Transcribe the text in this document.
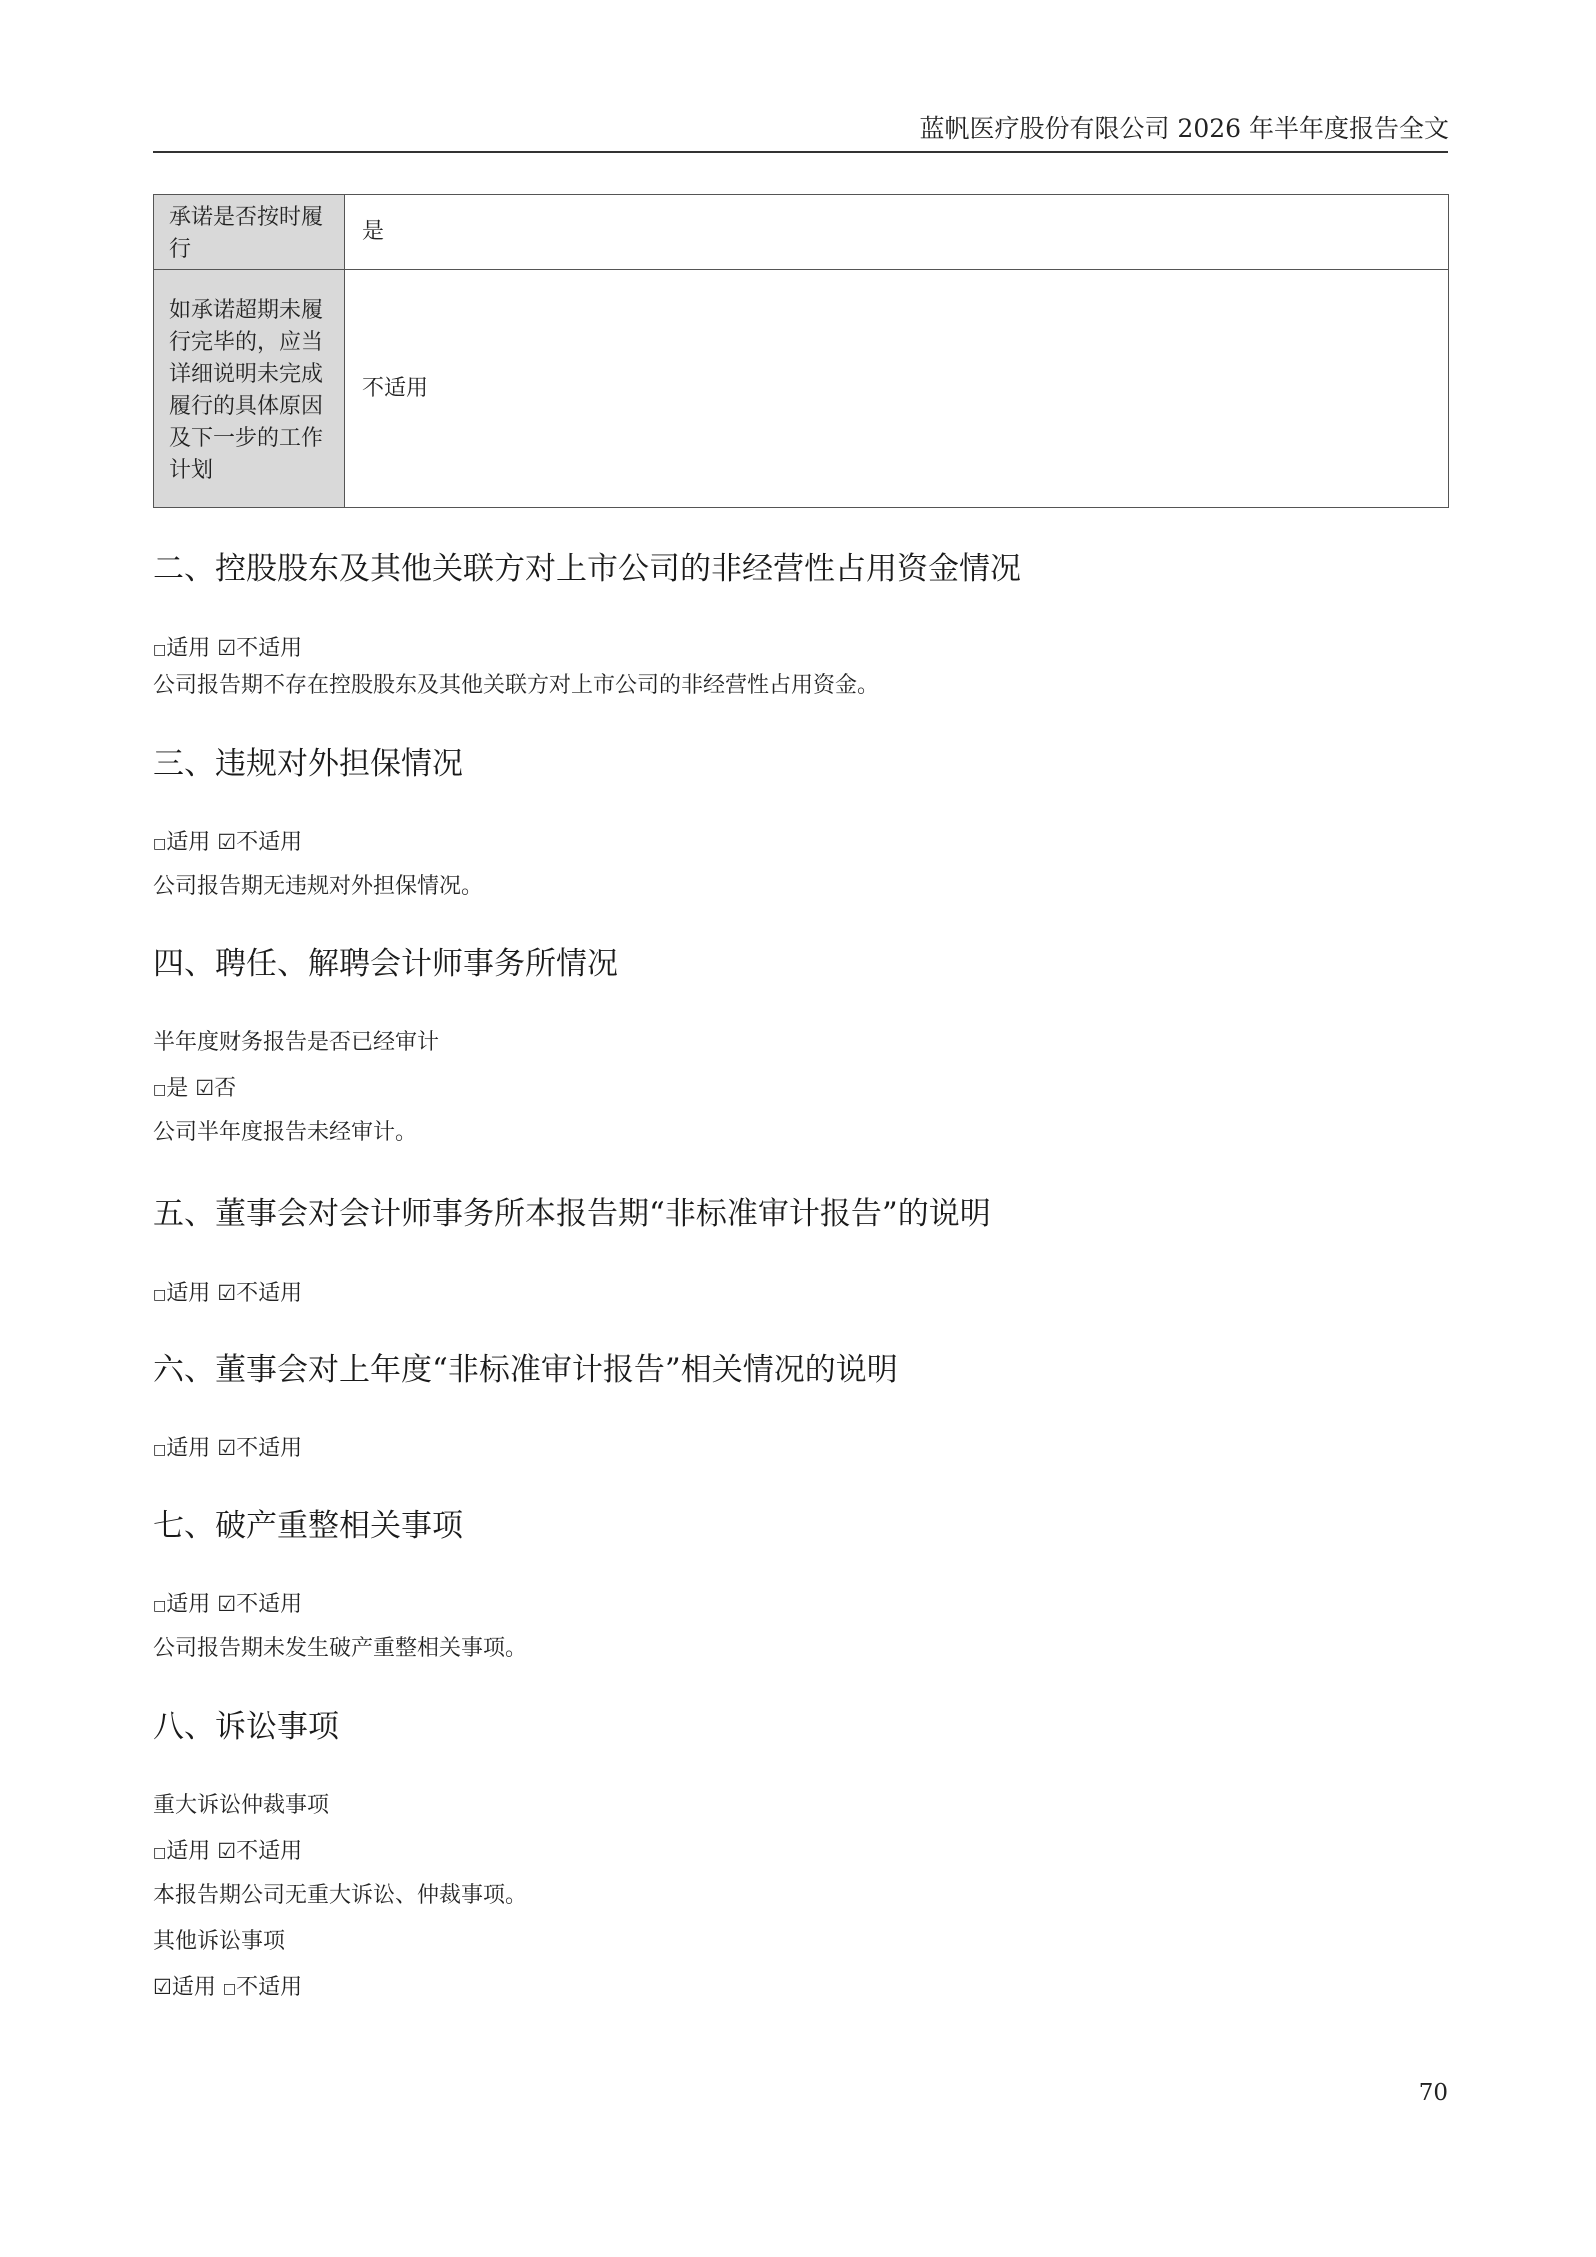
蓝帆医疗股份有限公司 2026 年半年度报告全文
承诺是否按时履行	是
如承诺超期未履行完毕的，应当详细说明未完成履行的具体原因及下一步的工作计划	不适用
二、控股股东及其他关联方对上市公司的非经营性占用资金情况
□适用 ☑不适用
公司报告期不存在控股股东及其他关联方对上市公司的非经营性占用资金。
三、违规对外担保情况
□适用 ☑不适用
公司报告期无违规对外担保情况。
四、聘任、解聘会计师事务所情况
半年度财务报告是否已经审计
□是 ☑否
公司半年度报告未经审计。
五、董事会对会计师事务所本报告期“非标准审计报告”的说明
□适用 ☑不适用
六、董事会对上年度“非标准审计报告”相关情况的说明
□适用 ☑不适用
七、破产重整相关事项
□适用 ☑不适用
公司报告期未发生破产重整相关事项。
八、诉讼事项
重大诉讼仲裁事项
□适用 ☑不适用
本报告期公司无重大诉讼、仲裁事项。
其他诉讼事项
☑适用 □不适用
70
